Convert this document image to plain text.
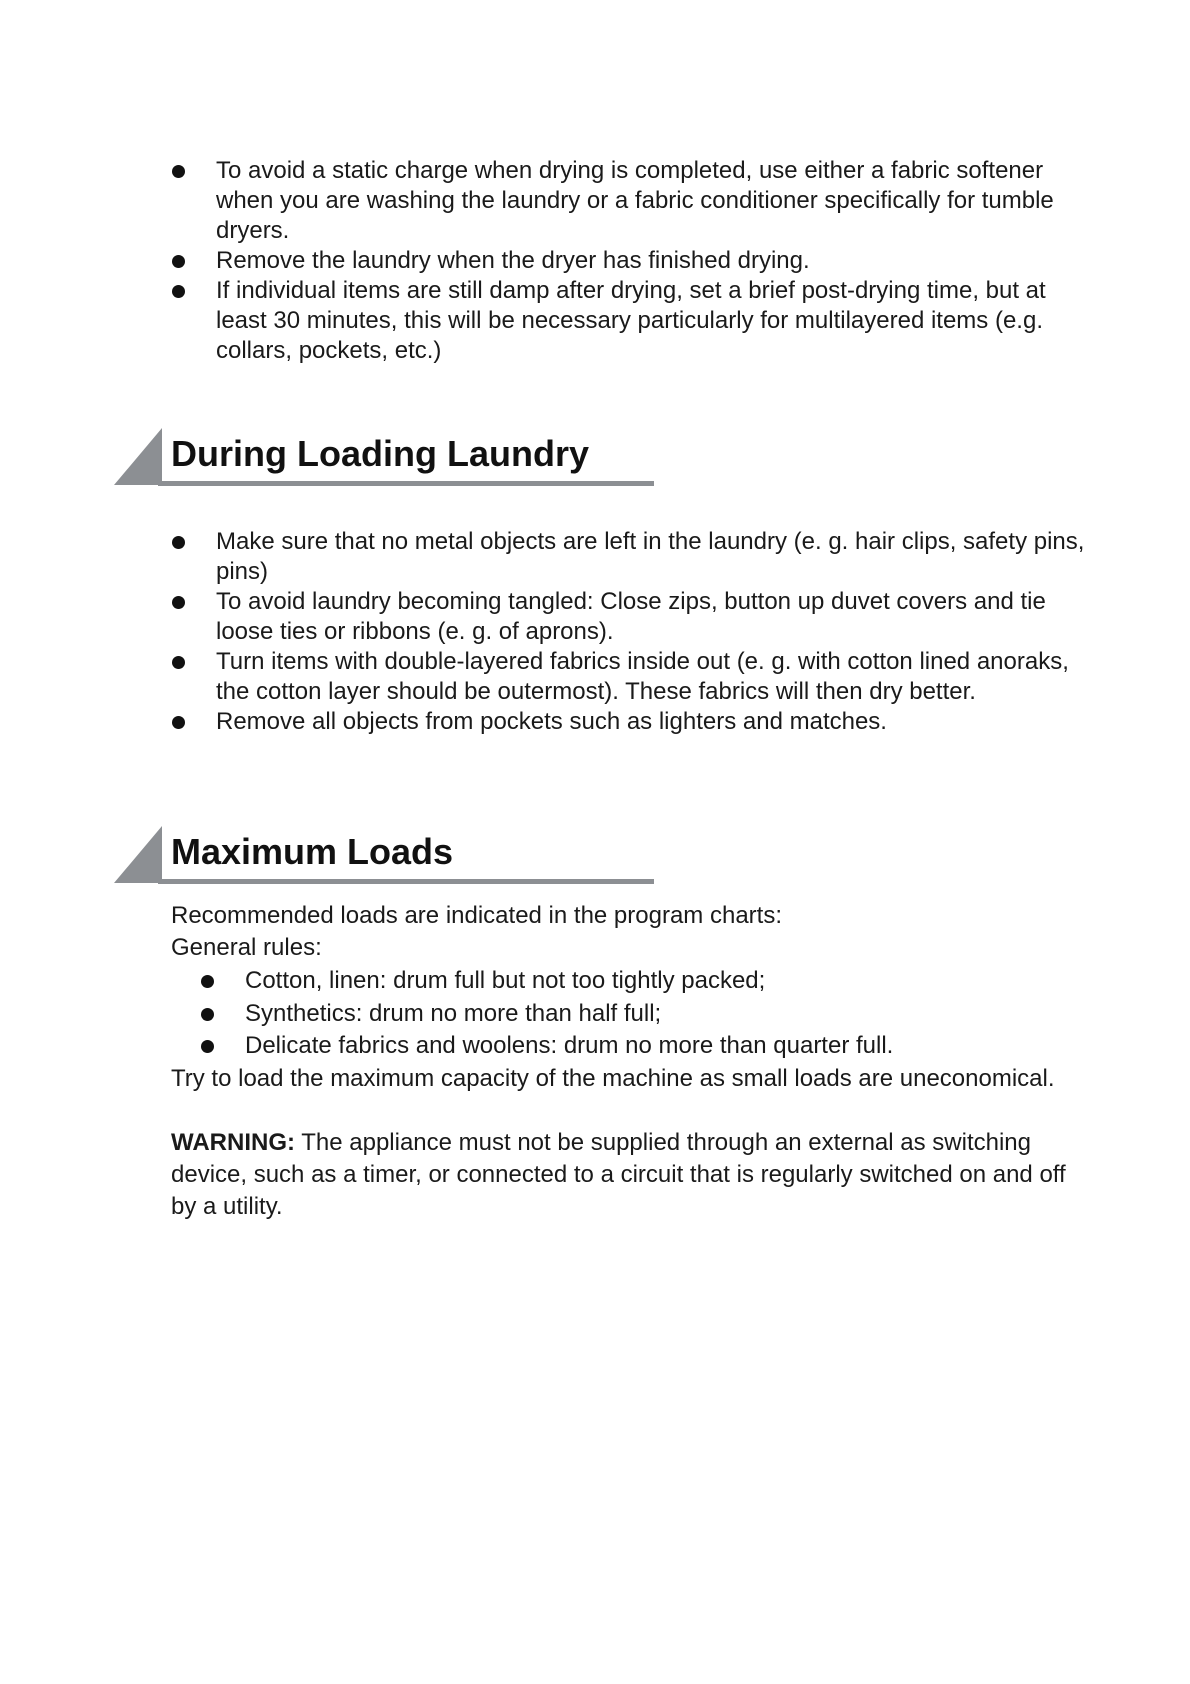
To avoid a static charge when drying is completed, use either a fabric softener when you are washing the laundry or a fabric conditioner specifically for tumble dryers.
Remove the laundry when the dryer has finished drying.
If individual items are still damp after drying, set a brief post-drying time, but at least 30 minutes, this will be necessary particularly for multilayered items (e.g. collars, pockets, etc.)
During Loading Laundry
Make sure that no metal objects are left in the laundry (e. g. hair clips, safety pins, pins)
To avoid laundry becoming tangled: Close zips, button up duvet covers and tie loose ties or ribbons (e. g. of aprons).
Turn items with double-layered fabrics inside out (e. g. with cotton lined anoraks, the cotton layer should be outermost). These fabrics will then dry better.
Remove all objects from pockets such as lighters and matches.
Maximum Loads
Recommended loads are indicated in the program charts:
General rules:
Cotton, linen: drum full but not too tightly packed;
Synthetics: drum no more than half full;
Delicate fabrics and woolens: drum no more than quarter full.

Try to load the maximum capacity of the machine as small loads are uneconomical.

WARNING: The appliance must not be supplied through an external as switching device, such as a timer, or connected to a circuit that is regularly switched on and off by a utility.
